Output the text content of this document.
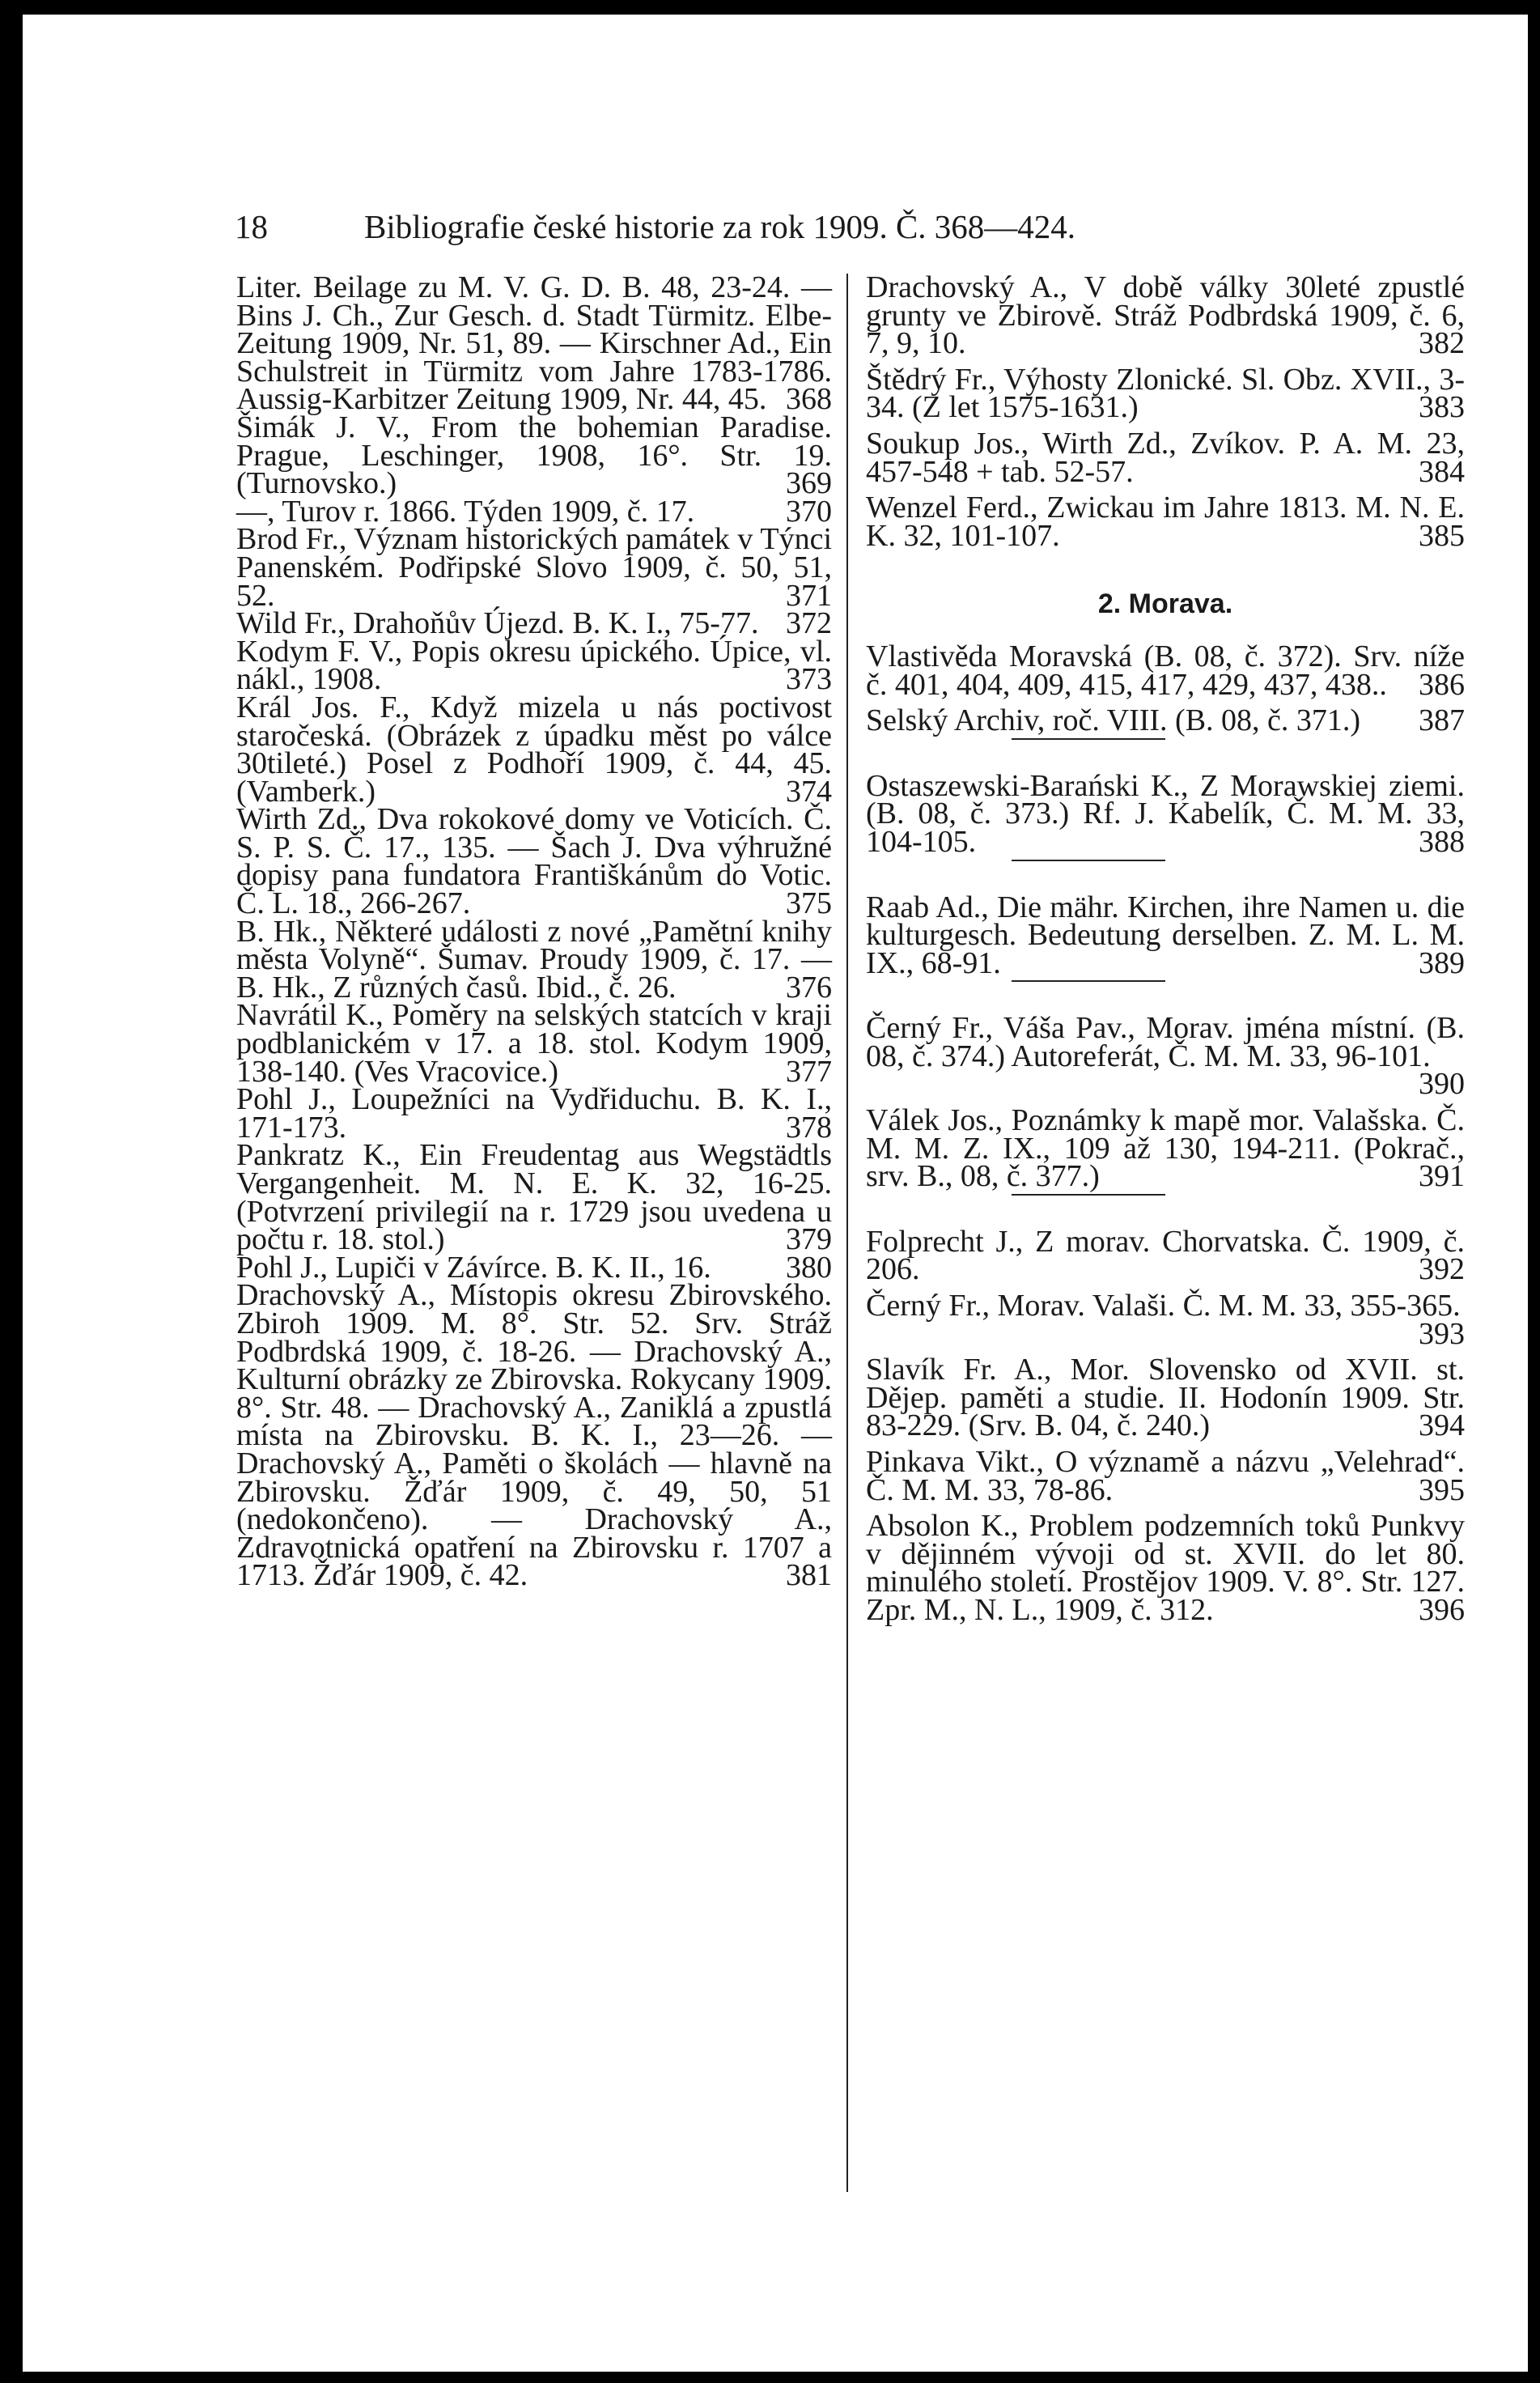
18	Bibliografie české historie za rok 1909. Č. 368—424.

Liter. Beilage zu M. V. G. D. B. 48, 23-24. — Bins J. Ch., Zur Gesch. d. Stadt Türmitz. Elbe-Zeitung 1909, Nr. 51, 89. — Kirschner Ad., Ein Schulstreit in Türmitz vom Jahre 1783-1786. Aussig-Karbitzer Zeitung 1909, Nr. 44, 45. 368

Šimák J. V., From the bohemian Paradise. Prague, Leschinger, 1908, 16°. Str. 19. (Turnovsko.)	369

—, Turov r. 1866. Týden 1909, č. 17.	370

Brod Fr., Význam historických památek v Týnci Panenském. Podřipské Slovo 1909, č. 50, 51, 52.	371

Wild Fr., Drahoňův Újezd. B. K. I., 75-77. 372

Kodym F. V., Popis okresu úpického. Úpice, vl. nákl., 1908.	373

Král Jos. F., Když mizela u nás poctivost staročeská. (Obrázek z úpadku měst po válce 30tileté.) Posel z Podhoří 1909, č. 44, 45. (Vamberk.)	374

Wirth Zd., Dva rokokové domy ve Voticích. Č. S. P. S. Č. 17., 135. — Šach J. Dva výhružné dopisy pana fundatora Františkánům do Votic. Č. L. 18., 266-267.	375

B. Hk., Některé události z nové „Pamětní knihy města Volyně“. Šumav. Proudy 1909, č. 17. — B. Hk., Z různých časů. Ibid., č. 26.	376

Navrátil K., Poměry na selských statcích v kraji podblanickém v 17. a 18. stol. Kodym 1909, 138-140. (Ves Vracovice.)	377

Pohl J., Loupežníci na Vydřiduchu. B. K. I., 171-173.	378

Pankratz K., Ein Freudentag aus Wegstädtls Vergangenheit. M. N. E. K. 32, 16-25. (Potvrzení privilegií na r. 1729 jsou uvedena u počtu r. 18. stol.)	379

Pohl J., Lupiči v Závírce. B. K. II., 16. 380

Drachovský A., Místopis okresu Zbirovského. Zbiroh 1909. M. 8°. Str. 52. Srv. Stráž Podbrdská 1909, č. 18-26. — Drachovský A., Kulturní obrázky ze Zbirovska. Rokycany 1909. 8°. Str. 48. — Drachovský A., Zaniklá a zpustlá místa na Zbirovsku. B. K. I., 23—26. — Drachovský A., Paměti o školách — hlavně na Zbirovsku. Žďár 1909, č. 49, 50, 51 (nedokončeno). — Drachovský A., Zdravotnická opatření na Zbirovsku r. 1707 a 1713. Žďár 1909, č. 42.	381

Drachovský A., V době války 30leté zpustlé grunty ve Zbirově. Stráž Podbrdská 1909, č. 6, 7, 9, 10.	382

Štědrý Fr., Výhosty Zlonické. Sl. Obz. XVII., 3-34. (Z let 1575-1631.)	383

Soukup Jos., Wirth Zd., Zvíkov. P. A. M. 23, 457-548 + tab. 52-57.	384

Wenzel Ferd., Zwickau im Jahre 1813. M. N. E. K. 32, 101-107.	385

2. Morava.

Vlastivěda Moravská (B. 08, č. 372). Srv. níže č. 401, 404, 409, 415, 417, 429, 437, 438.. 386

Selský Archiv, roč. VIII. (B. 08, č. 371.) 387

Ostaszewski-Barański K., Z Morawskiej ziemi. (B. 08, č. 373.) Rf. J. Kabelík, Č. M. M. 33, 104-105.	388

Raab Ad., Die mähr. Kirchen, ihre Namen u. die kulturgesch. Bedeutung derselben. Z. M. L. M. IX., 68-91.	389

Černý Fr., Váša Pav., Morav. jména místní. (B. 08, č. 374.) Autoreferát, Č. M. M. 33, 96-101.
390

Válek Jos., Poznámky k mapě mor. Valašska. Č. M. M. Z. IX., 109 až 130, 194-211. (Pokrač., srv. B., 08, č. 377.)	391

Folprecht J., Z morav. Chorvatska. Č. 1909, č. 206.	392

Černý Fr., Morav. Valaši. Č. M. M. 33, 355-365.
393

Slavík Fr. A., Mor. Slovensko od XVII. st. Dějep. paměti a studie. II. Hodonín 1909. Str. 83-229. (Srv. B. 04, č. 240.)	394

Pinkava Vikt., O významě a názvu „Velehrad“. Č. M. M. 33, 78-86.	395

Absolon K., Problem podzemních toků Punkvy v dějinném vývoji od st. XVII. do let 80. minulého století. Prostějov 1909. V. 8°. Str. 127. Zpr. M., N. L., 1909, č. 312.	396
